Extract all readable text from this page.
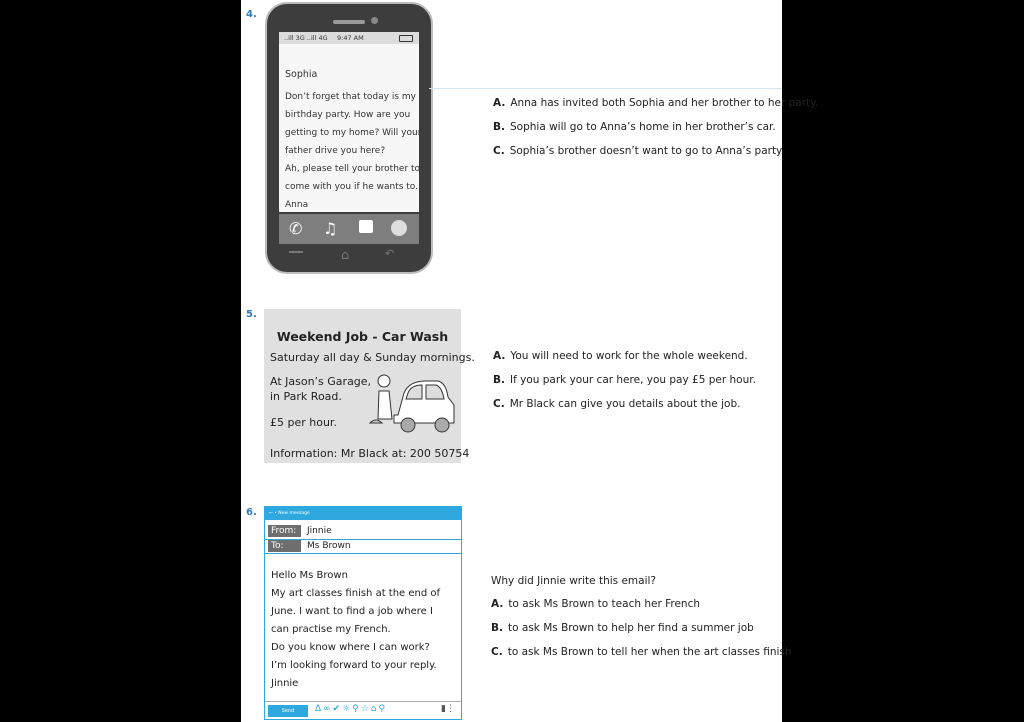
4.
..ill 3G ..ill 4G 9:47 AM
Sophia
Don’t forget that today is my
birthday party. How are you
getting to my home? Will your
father drive you here?
Ah, please tell your brother to
come with you if he wants to.
Anna
✆ ♫
⌂	↶
A. Anna has invited both Sophia and her brother to her party.
B. Sophia will go to Anna’s home in her brother’s car.
C. Sophia’s brother doesn’t want to go to Anna’s party.
5.
Weekend Job - Car Wash
Saturday all day & Sunday mornings.
At Jason’s Garage,
in Park Road.
£5 per hour.
Information: Mr Black at: 200 50754
A. You will need to work for the whole weekend.
B. If you park your car here, you pay £5 per hour.
C. Mr Black can give you details about the job.
6.	← • New message
From:	Jinnie
To:	Ms Brown
Hello Ms Brown
My art classes finish at the end of
June. I want to find a job where I
can practise my French.
Do you know where I can work?
I’m looking forward to your reply.
Jinnie
Send	∆∞✔☼⚲☆⌂⚲	▮⋮
Why did Jinnie write this email?
A. to ask Ms Brown to teach her French
B. to ask Ms Brown to help her find a summer job
C. to ask Ms Brown to tell her when the art classes finish
